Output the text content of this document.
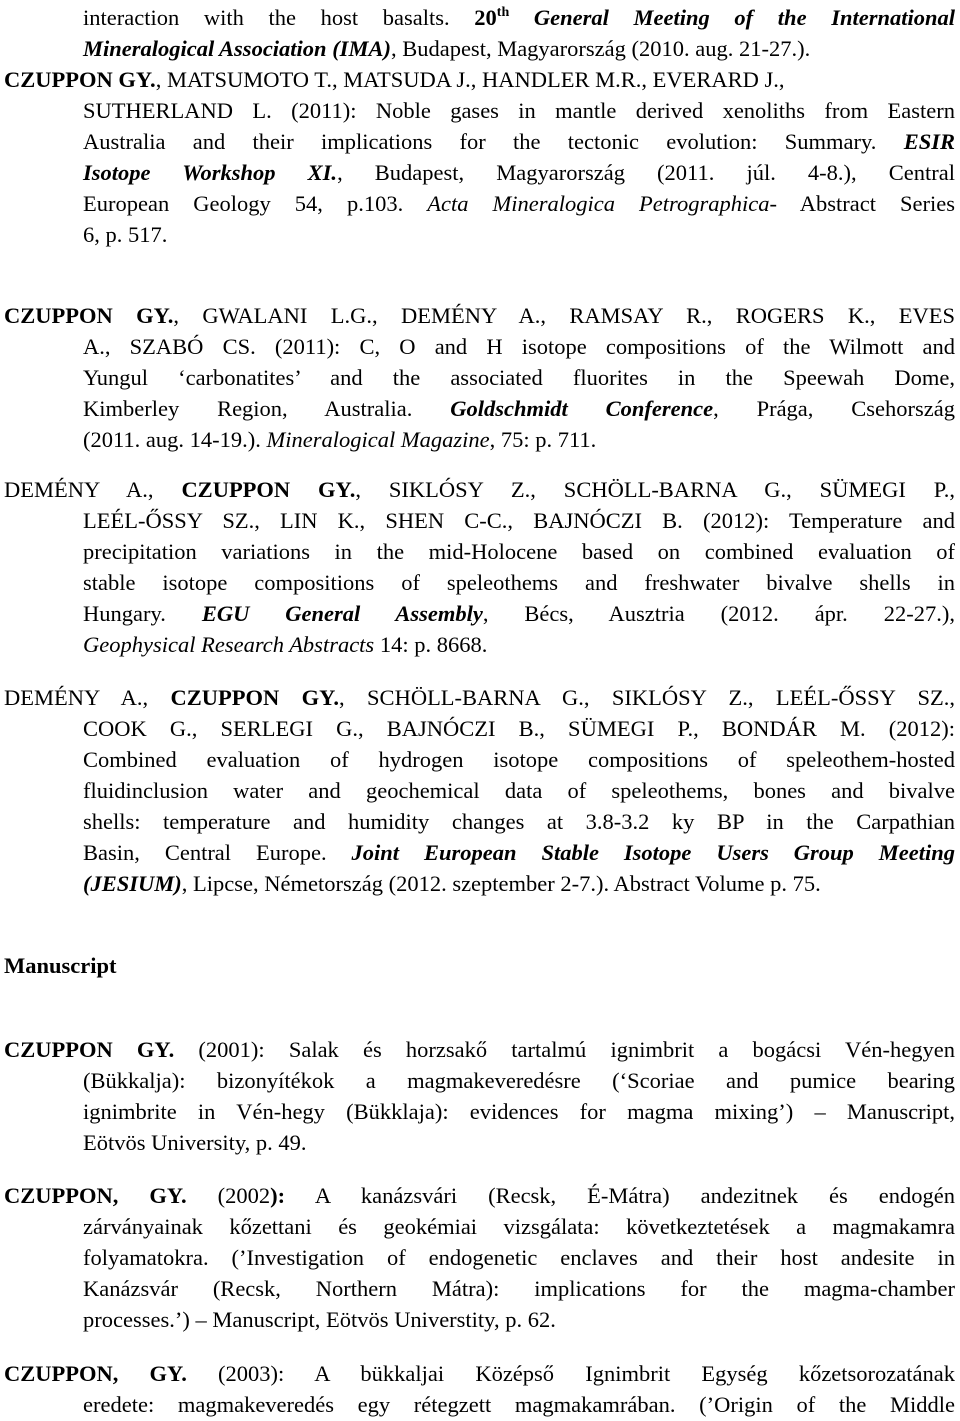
interaction with the host basalts. 20th General Meeting of the International
Mineralogical Association (IMA), Budapest, Magyarország (2010. aug. 21-27.).
CZUPPON GY., MATSUMOTO T., MATSUDA J., HANDLER M.R., EVERARD J.,
SUTHERLAND L. (2011): Noble gases in mantle derived xenoliths from Eastern
Australia and their implications for the tectonic evolution: Summary. ESIR
Isotope Workshop XI., Budapest, Magyarország (2011. júl. 4-8.), Central
European Geology 54, p.103. Acta Mineralogica Petrographica- Abstract Series
6, p. 517.
CZUPPON GY., GWALANI L.G., DEMÉNY A., RAMSAY R., ROGERS K., EVES
A., SZABÓ CS. (2011): C, O and H isotope compositions of the Wilmott and
Yungul ‘carbonatites’ and the associated fluorites in the Speewah Dome,
Kimberley Region, Australia. Goldschmidt Conference, Prága, Csehország
(2011. aug. 14-19.). Mineralogical Magazine, 75: p. 711.
DEMÉNY A., CZUPPON GY., SIKLÓSY Z., SCHÖLL-BARNA G., SÜMEGI P.,
LEÉL-ŐSSY SZ., LIN K., SHEN C-C., BAJNÓCZI B. (2012): Temperature and
precipitation variations in the mid-Holocene based on combined evaluation of
stable isotope compositions of speleothems and freshwater bivalve shells in
Hungary. EGU General Assembly, Bécs, Ausztria (2012. ápr. 22-27.),
Geophysical Research Abstracts 14: p. 8668.
DEMÉNY A., CZUPPON GY., SCHÖLL-BARNA G., SIKLÓSY Z., LEÉL-ŐSSY SZ.,
COOK G., SERLEGI G., BAJNÓCZI B., SÜMEGI P., BONDÁR M. (2012):
Combined evaluation of hydrogen isotope compositions of speleothem-hosted
fluidinclusion water and geochemical data of speleothems, bones and bivalve
shells: temperature and humidity changes at 3.8-3.2 ky BP in the Carpathian
Basin, Central Europe. Joint European Stable Isotope Users Group Meeting
(JESIUM), Lipcse, Németország (2012. szeptember 2-7.). Abstract Volume p. 75.
Manuscript
CZUPPON GY. (2001): Salak és horzsakő tartalmú ignimbrit a bogácsi Vén-hegyen
(Bükkalja): bizonyítékok a magmakeveredésre (‘Scoriae and pumice bearing
ignimbrite in Vén-hegy (Bükklaja): evidences for magma mixing’) – Manuscript,
Eötvös University, p. 49.
CZUPPON, GY. (2002): A kanázsvári (Recsk, É-Mátra) andezitnek és endogén
zárványainak kőzettani és geokémiai vizsgálata: következtetések a magmakamra
folyamatokra. (’Investigation of endogenetic enclaves and their host andesite in
Kanázsvár (Recsk, Northern Mátra): implications for the magma-chamber
processes.’) – Manuscript, Eötvös Universtity, p. 62.
CZUPPON, GY. (2003): A bükkaljai Középső Ignimbrit Egység kőzetsorozatának
eredete: magmakeveredés egy rétegzett magmakamrában. (’Origin of the Middle
